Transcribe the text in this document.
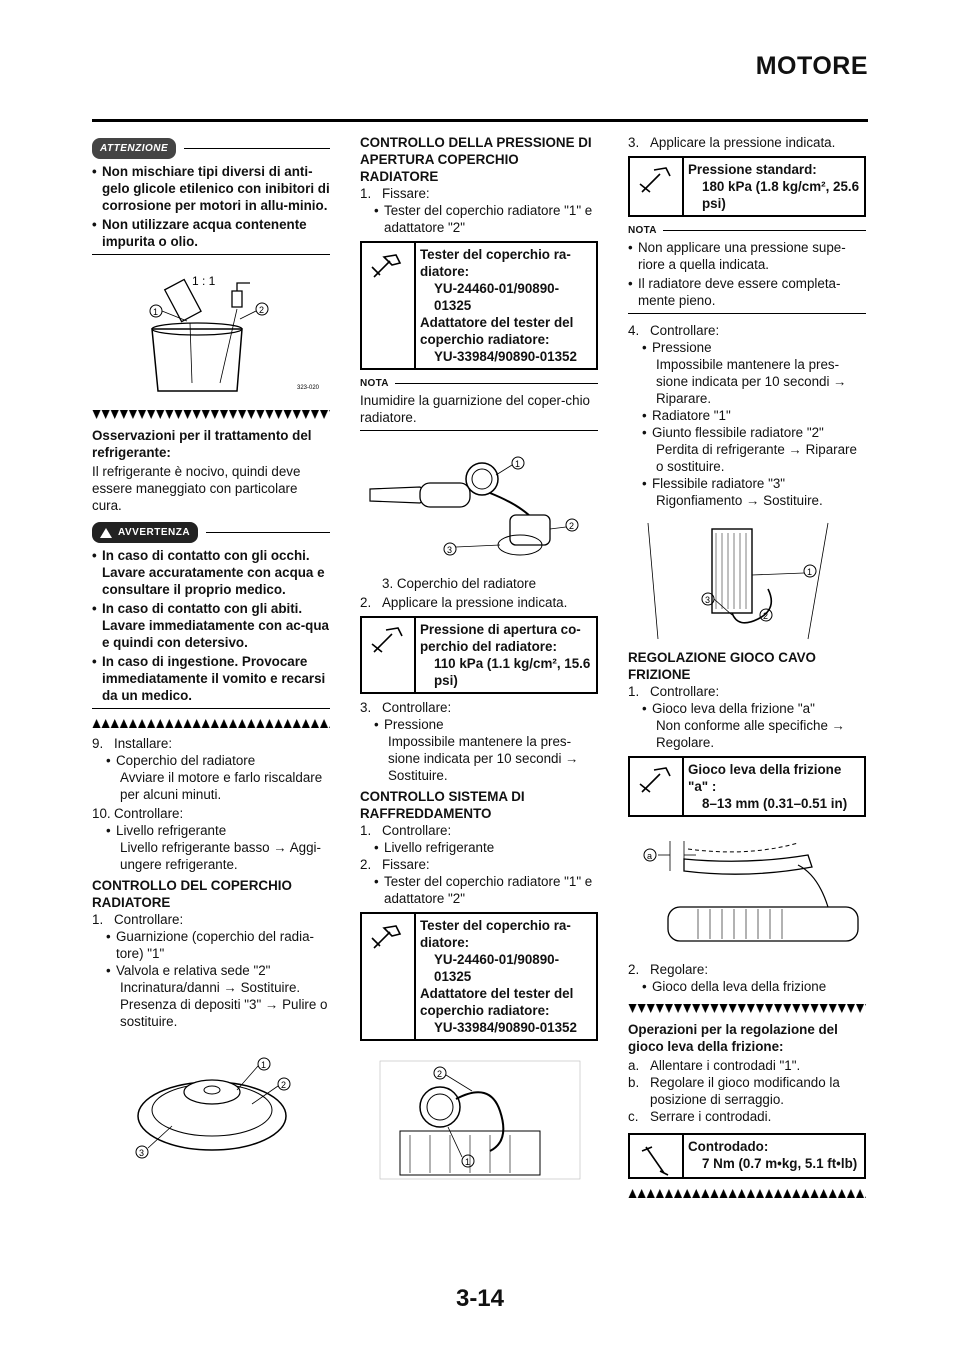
MOTORE
ATTENZIONE
• Non mischiare tipi diversi di anti-gelo glicole etilenico con inibitori di corrosione per motori in allu-minio.
• Non utilizzare acqua contenente impurita o olio.
1 : 1
1	2
323-020
Osservazioni per il trattamento del refrigerante:
Il refrigerante è nocivo, quindi deve essere maneggiato con particolare cura.
AVVERTENZA
• In caso di contatto con gli occhi. Lavare accuratamente con acqua e consultare il proprio medico.
• In caso di contatto con gli abiti. Lavare immediatamente con ac-qua e quindi con detersivo.
• In caso di ingestione. Provocare immediatamente il vomito e recarsi da un medico.
9. Installare:
• Coperchio del radiatore
Avviare il motore e farlo riscaldare per alcuni minuti.
10. Controllare:
• Livello refrigerante
Livello refrigerante basso → Aggi-ungere refrigerante.
CONTROLLO DEL COPERCHIO RADIATORE
1. Controllare:
• Guarnizione (coperchio del radia-tore) "1"
• Valvola e relativa sede "2"
Incrinatura/danni → Sostituire.
Presenza di depositi "3" → Pulire o sostituire.
1
2
3
CONTROLLO DELLA PRESSIONE DI APERTURA COPERCHIO RADIATORE
1. Fissare:
• Tester del coperchio radiatore "1" e adattatore "2"
Tester del coperchio ra-diatore:
YU-24460-01/90890-01325
Adattatore del tester del coperchio radiatore:
YU-33984/90890-01352
NOTA
Inumidire la guarnizione del coper-chio radiatore.
1
2
3
3. Coperchio del radiatore
2. Applicare la pressione indicata.
Pressione di apertura co-perchio del radiatore:
110 kPa (1.1 kg/cm², 15.6 psi)
3. Controllare:
• Pressione
Impossibile mantenere la pres-sione indicata per 10 secondi → Sostituire.
CONTROLLO SISTEMA DI RAFFREDDAMENTO
1. Controllare:
• Livello refrigerante
2. Fissare:
• Tester del coperchio radiatore "1" e adattatore "2"
Tester del coperchio ra-diatore:
YU-24460-01/90890-01325
Adattatore del tester del coperchio radiatore:
YU-33984/90890-01352
2
1
3. Applicare la pressione indicata.
Pressione standard:
180 kPa (1.8 kg/cm², 25.6 psi)
NOTA
• Non applicare una pressione supe-riore a quella indicata.
• Il radiatore deve essere completa-mente pieno.
4. Controllare:
• Pressione
Impossibile mantenere la pres-sione indicata per 10 secondi → Riparare.
• Radiatore "1"
• Giunto flessibile radiatore "2"
Perdita di refrigerante → Riparare o sostituire.
• Flessibile radiatore "3"
Rigonfiamento → Sostituire.
1
2
3
REGOLAZIONE GIOCO CAVO FRIZIONE
1. Controllare:
• Gioco leva della frizione "a"
Non conforme alle specifiche → Regolare.
Gioco leva della frizione "a" :
8–13 mm (0.31–0.51 in)
a
2. Regolare:
• Gioco della leva della frizione
Operazioni per la regolazione del gioco leva della frizione:
a. Allentare i controdadi "1".
b. Regolare il gioco modificando la posizione di serraggio.
c. Serrare i controdadi.
Controdado:
7 Nm (0.7 m•kg, 5.1 ft•lb)
3-14
